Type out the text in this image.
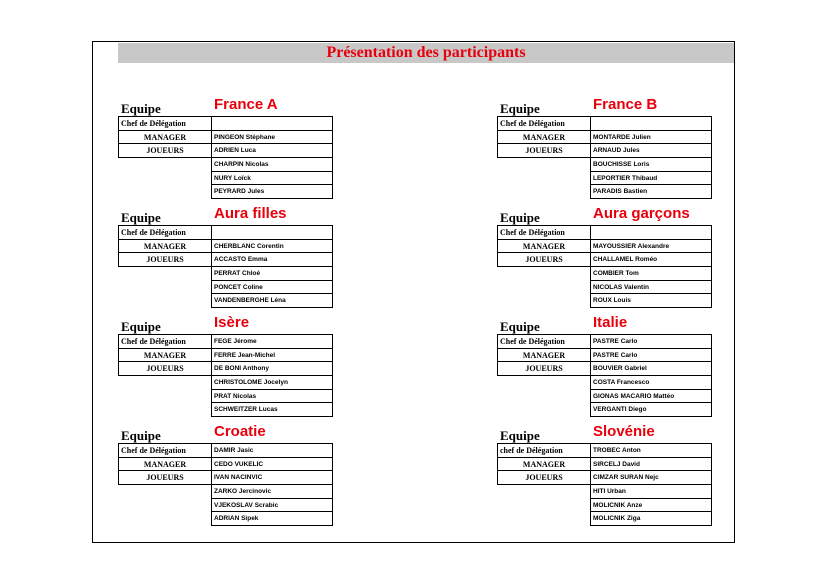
Présentation des participants
Equipe	France A
Chef de Délégation	
MANAGER	PINGEON Stéphane
JOUEURS	ADRIEN Luca
	CHARPIN Nicolas
	NURY Loïck
	PEYRARD Jules
Equipe	France B
Chef de Délégation	
MANAGER	MONTARDE Julien
JOUEURS	ARNAUD Jules
	BOUCHISSE Loris
	LEPORTIER Thibaud
	PARADIS Bastien
Equipe	Aura filles
Chef de Délégation	
MANAGER	CHERBLANC Corentin
JOUEURS	ACCASTO Emma
	PERRAT Chloé
	PONCET Coline
	VANDENBERGHE Léna
Equipe	Aura garçons
Chef de Délégation	
MANAGER	MAYOUSSIER Alexandre
JOUEURS	CHALLAMEL Roméo
	COMBIER Tom
	NICOLAS Valentin
	ROUX Louis
Equipe	Isère
Chef de Délégation	FEGE Jérome
MANAGER	FERRE Jean-Michel
JOUEURS	DE BONI Anthony
	CHRISTOLOME Jocelyn
	PRAT Nicolas
	SCHWEITZER Lucas
Equipe	Italie
Chef de Délégation	PASTRE Carlo
MANAGER	PASTRE Carlo
JOUEURS	BOUVIER Gabriel
	COSTA Francesco
	GIONAS MACARIO Mattéo
	VERGANTI Diego
Equipe	Croatie
Chef de Délégation	DAMIR Jasic
MANAGER	CEDO VUKELIC
JOUEURS	IVAN NACINVIC
	ZARKO Jercinovic
	VJEKOSLAV Scrabic
	ADRIAN Sipek
Equipe	Slovénie
chef de Délégation	TROBEC Anton
MANAGER	SIRCELJ David
JOUEURS	CIMZAR SURAN Nejc
	HITI Urban
	MOLICNIK Anze
	MOLICNIK Ziga
